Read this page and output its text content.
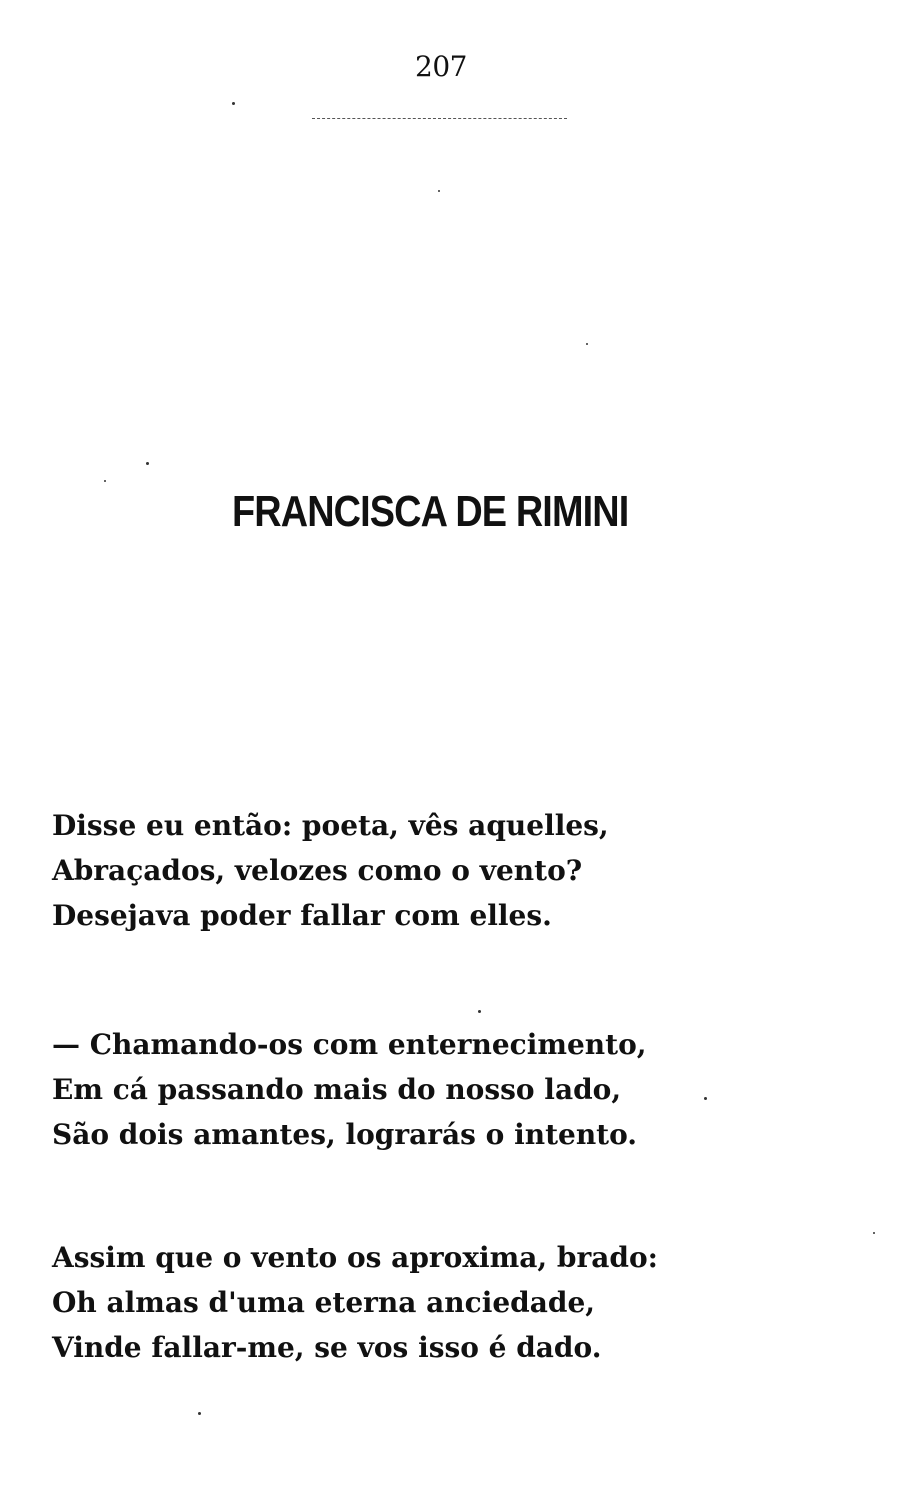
207
FRANCISCA DE RIMINI
Disse eu então: poeta, vês aquelles,
Abraçados, velozes como o vento?
Desejava poder fallar com elles.
— Chamando-os com enternecimento,
Em cá passando mais do nosso lado,
São dois amantes, lograrás o intento.
Assim que o vento os aproxima, brado:
Oh almas d'uma eterna anciedade,
Vinde fallar-me, se vos isso é dado.
